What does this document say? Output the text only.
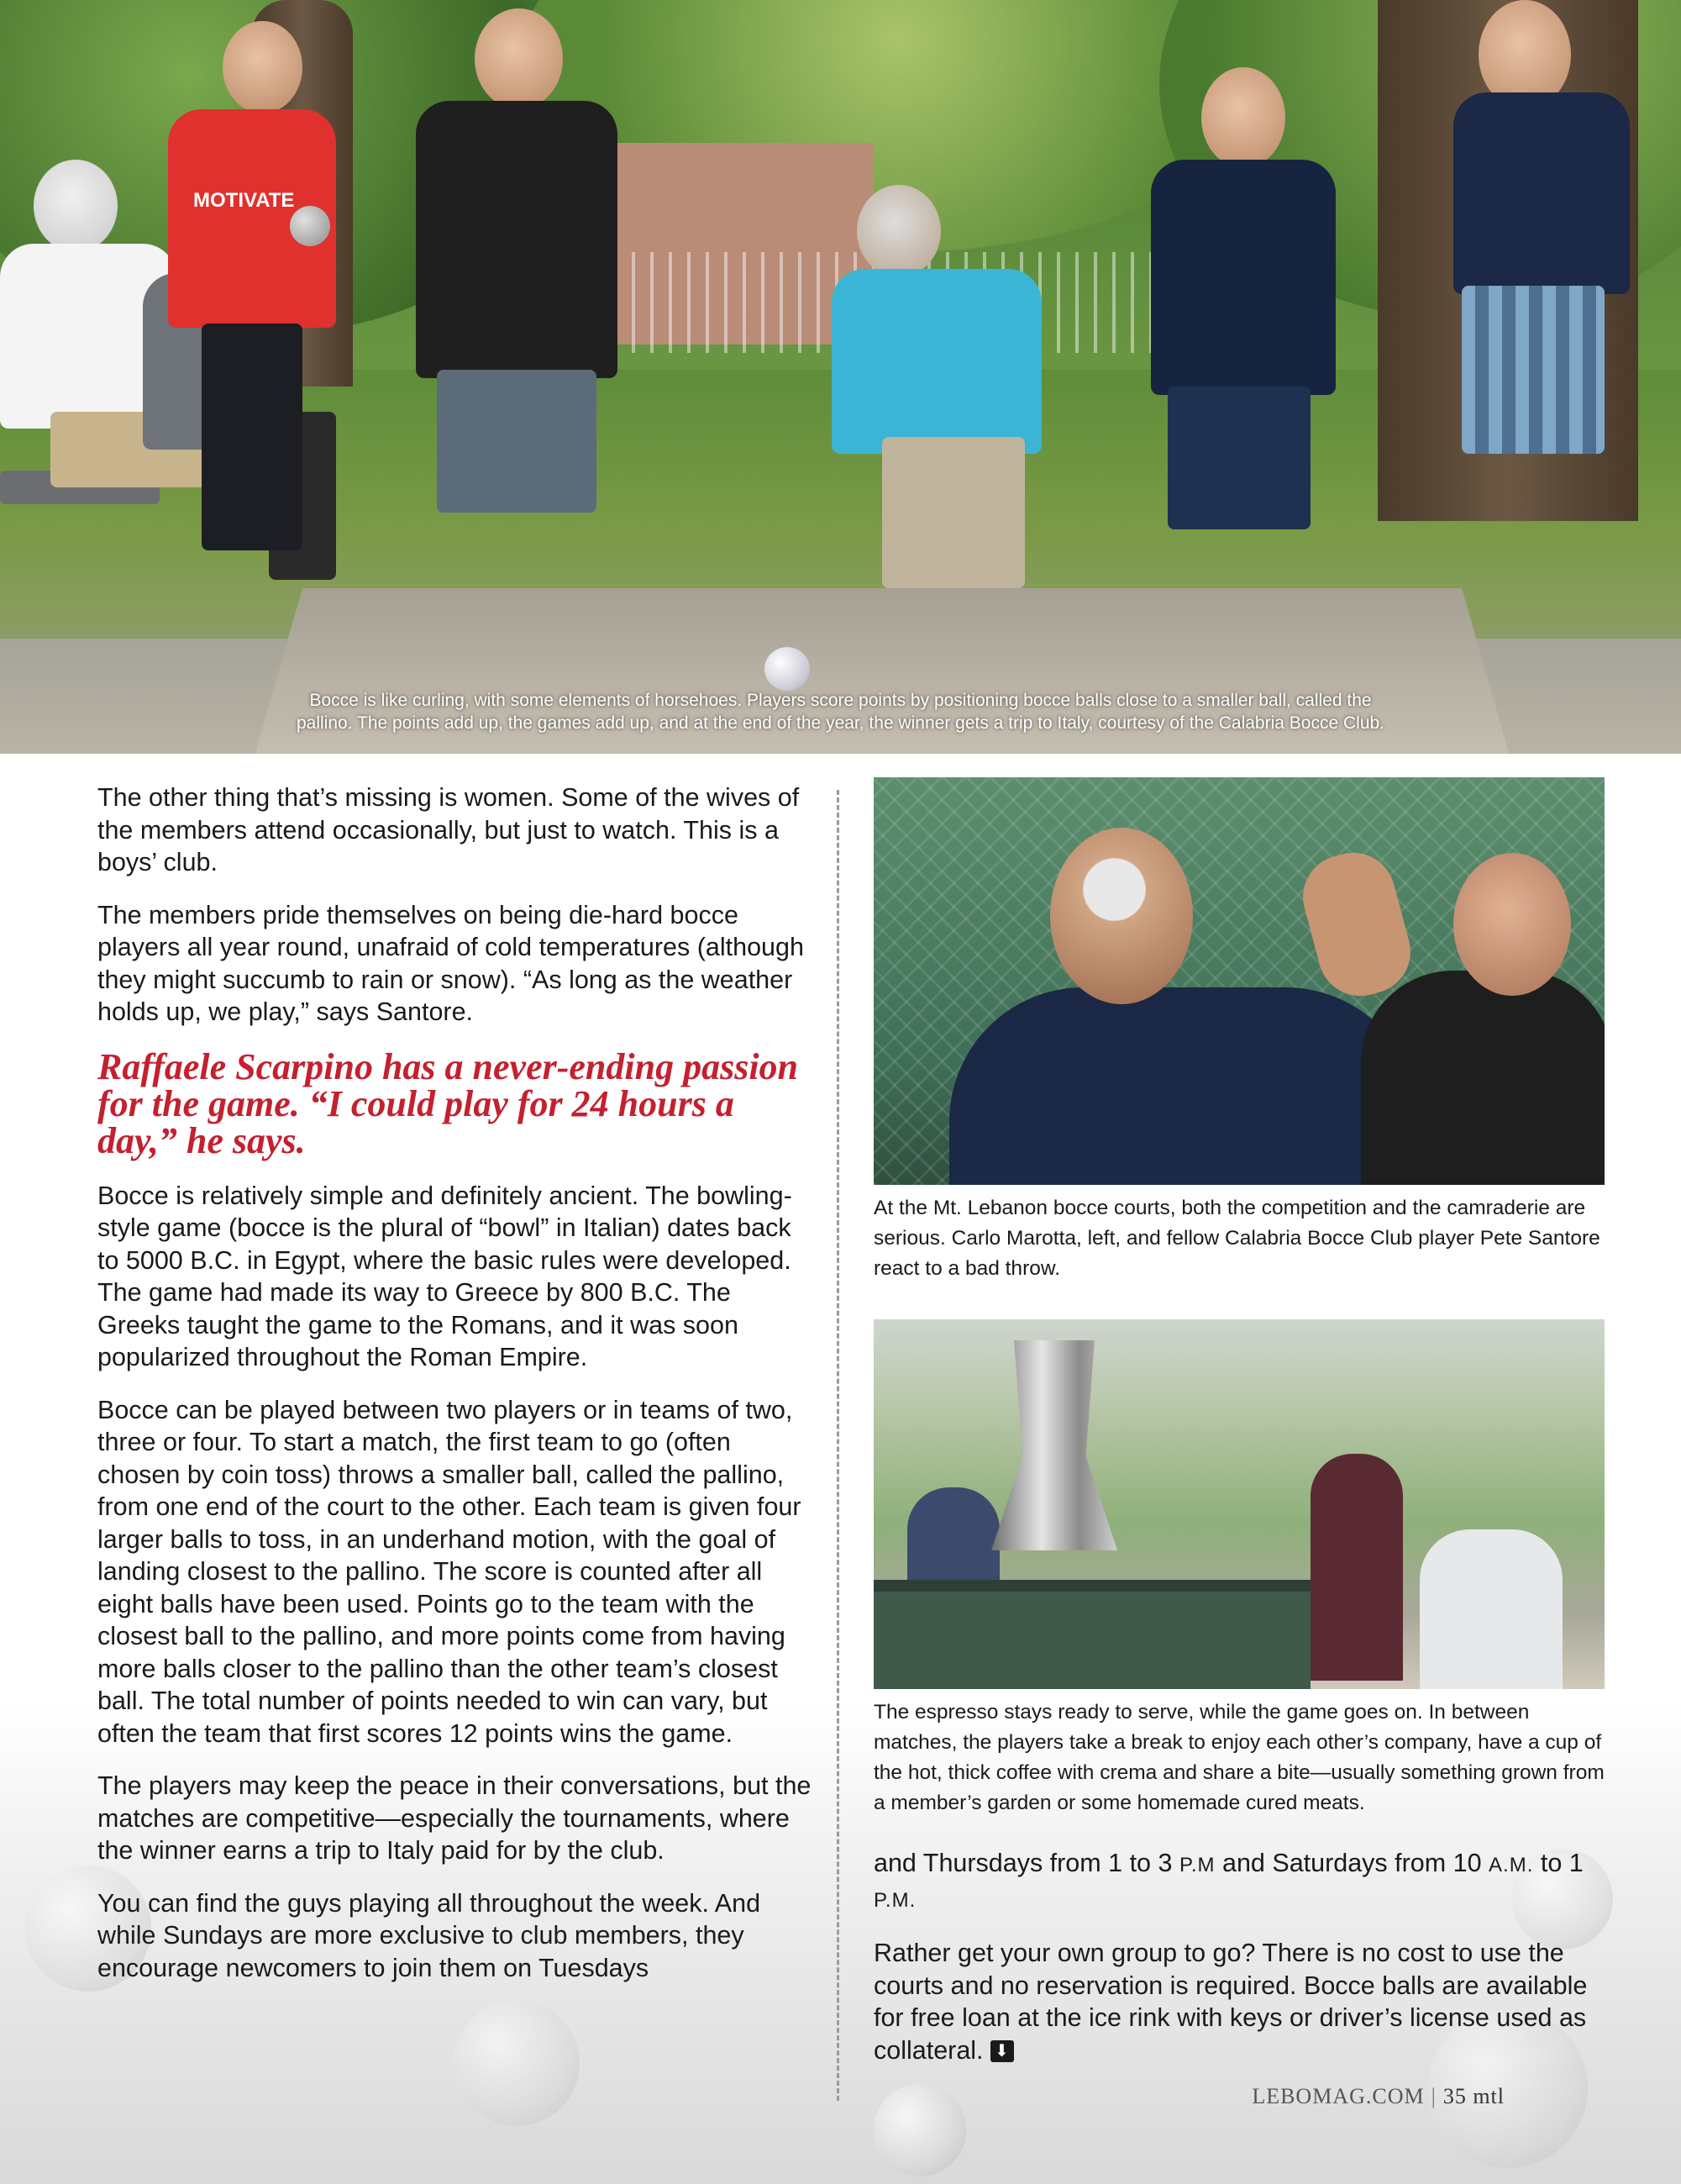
MOTIVATE
Bocce is like curling, with some elements of horsehoes. Players score points by positioning bocce balls close to a smaller ball, called the
pallino. The points add up, the games add up, and at the end of the year, the winner gets a trip to Italy, courtesy of the Calabria Bocce Club.

The other thing that’s missing is women. Some of the wives of the members attend occasionally, but just to watch. This is a boys’ club.

The members pride themselves on being die-hard bocce players all year round, unafraid of cold temperatures (although they might succumb to rain or snow). “As long as the weather holds up, we play,” says Santore.

Raffaele Scarpino has a never-ending passion for the game. “I could play for 24 hours a day,” he says.

Bocce is relatively simple and definitely ancient. The bowling-style game (bocce is the plural of “bowl” in Italian) dates back to 5000 B.C. in Egypt, where the basic rules were developed. The game had made its way to Greece by 800 B.C. The Greeks taught the game to the Romans, and it was soon popularized throughout the Roman Empire.

Bocce can be played between two players or in teams of two, three or four. To start a match, the first team to go (often chosen by coin toss) throws a smaller ball, called the pallino, from one end of the court to the other. Each team is given four larger balls to toss, in an underhand motion, with the goal of landing closest to the pallino. The score is counted after all eight balls have been used. Points go to the team with the closest ball to the pallino, and more points come from having more balls closer to the pallino than the other team’s closest ball. The total number of points needed to win can vary, but often the team that first scores 12 points wins the game.

The players may keep the peace in their conversations, but the matches are competitive—especially the tournaments, where the winner earns a trip to Italy paid for by the club.

You can find the guys playing all throughout the week. And while Sundays are more exclusive to club members, they encourage newcomers to join them on Tuesdays

At the Mt. Lebanon bocce courts, both the competition and the camraderie are serious. Carlo Marotta, left, and fellow Calabria Bocce Club player Pete Santore react to a bad throw.
The espresso stays ready to serve, while the game goes on. In between matches, the players take a break to enjoy each other’s company, have a cup of the hot, thick coffee with crema and share a bite—usually something grown from a member’s garden or some homemade cured meats.

and Thursdays from 1 to 3 P.M and Saturdays from 10 A.M. to 1 P.M.

Rather get your own group to go? There is no cost to use the courts and no reservation is required. Bocce balls are available for free loan at the ice rink with keys or driver’s license used as collateral. ⬇

LEBOMAG.COM | 35 mtl
